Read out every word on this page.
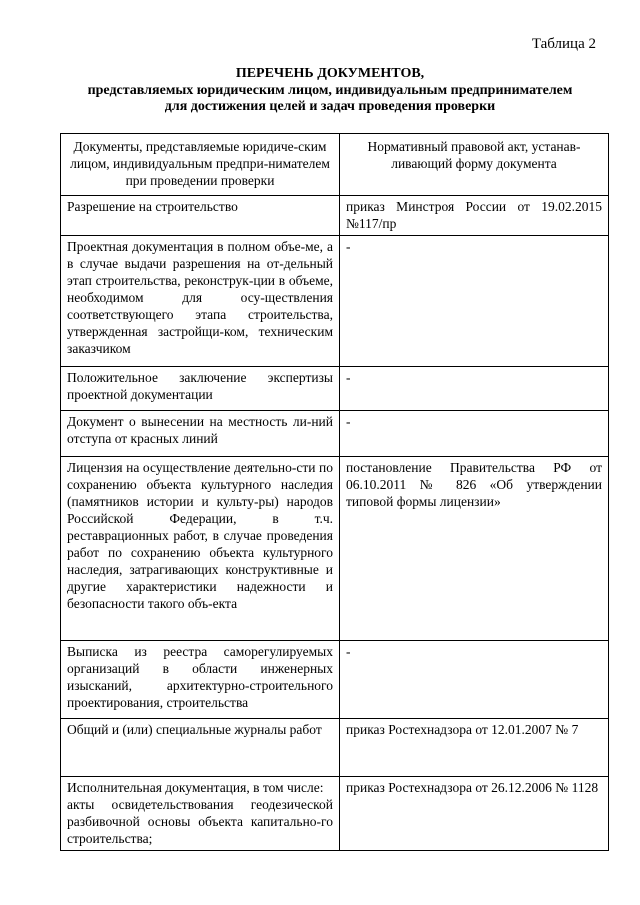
Таблица 2
ПЕРЕЧЕНЬ ДОКУМЕНТОВ,
представляемых юридическим лицом, индивидуальным предпринимателем
для достижения целей и задач проведения проверки
Документы, представляемые юридиче-ским лицом, индивидуальным предпри-нимателем при проведении проверки	Нормативный правовой акт, устанав-ливающий форму документа
Разрешение на строительство	приказ Минстроя России от 19.02.2015 №117/пр
Проектная документация в полном объе-ме, а в случае выдачи разрешения на от-дельный этап строительства, реконструк-ции в объеме, необходимом для осу-ществления соответствующего этапа строительства, утвержденная застройщи-ком, техническим заказчиком	-
Положительное заключение экспертизы проектной документации	-
Документ о вынесении на местность ли-ний отступа от красных линий	-
Лицензия на осуществление деятельно-сти по сохранению объекта культурного наследия (памятников истории и культу-ры) народов Российской Федерации, в т.ч. реставрационных работ, в случае проведения работ по сохранению объекта культурного наследия, затрагивающих конструктивные и другие характеристики надежности и безопасности такого объ-екта	постановление Правительства РФ от 06.10.2011 № 826 «Об утверждении типовой формы лицензии»
Выписка из реестра саморегулируемых организаций в области инженерных изысканий, архитектурно-строительного проектирования, строительства	-
Общий и (или) специальные журналы работ	приказ Ростехнадзора от 12.01.2007 № 7

Исполнительная документация, в том числе:
акты освидетельствования геодезической разбивочной основы объекта капитально-го строительства;	приказ Ростехнадзора от 26.12.2006 № 1128
